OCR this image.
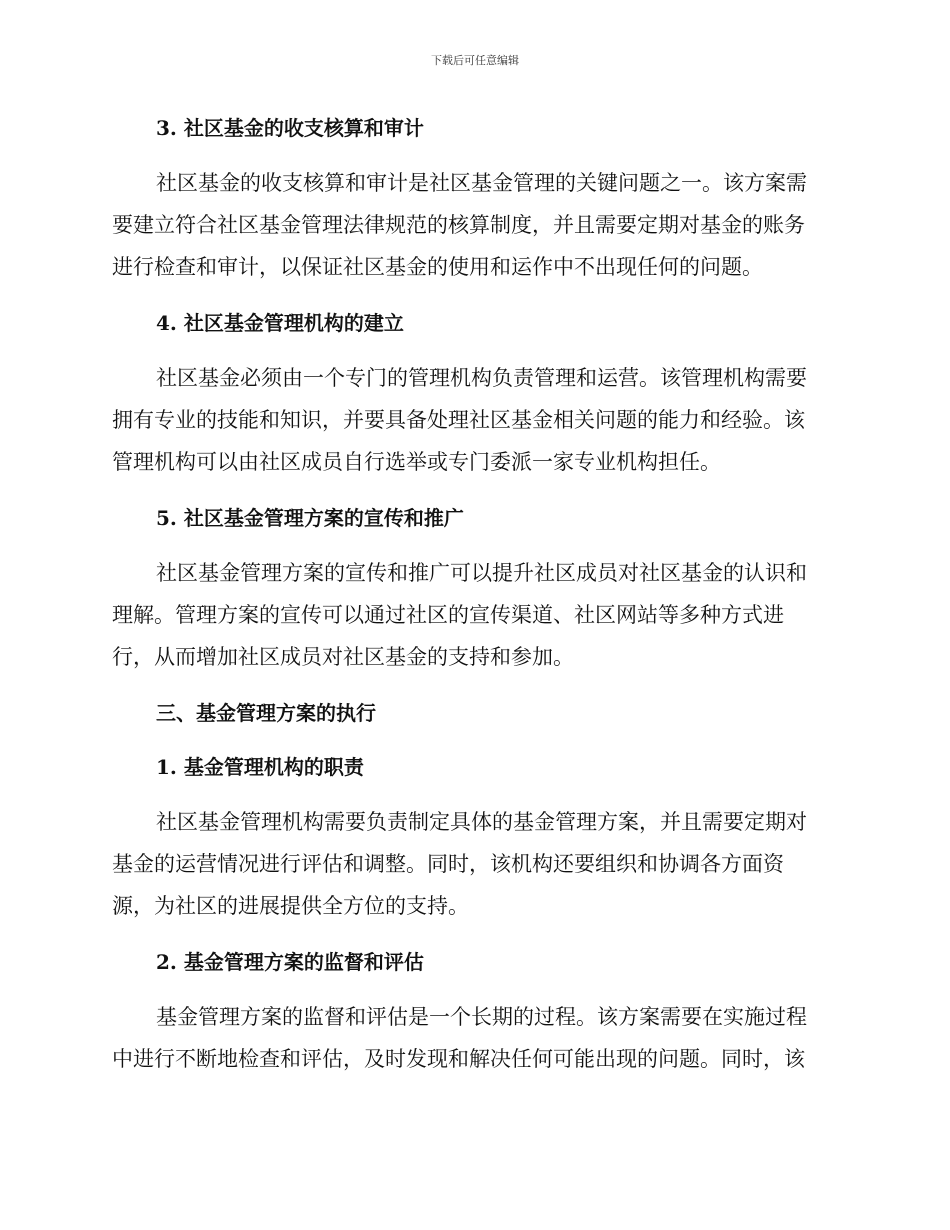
下载后可任意编辑
3. 社区基金的收支核算和审计

社区基金的收支核算和审计是社区基金管理的关键问题之一。该方案需
要建立符合社区基金管理法律规范的核算制度，并且需要定期对基金的账务
进行检查和审计，以保证社区基金的使用和运作中不出现任何的问题。

4. 社区基金管理机构的建立

社区基金必须由一个专门的管理机构负责管理和运营。该管理机构需要
拥有专业的技能和知识，并要具备处理社区基金相关问题的能力和经验。该
管理机构可以由社区成员自行选举或专门委派一家专业机构担任。

5. 社区基金管理方案的宣传和推广

社区基金管理方案的宣传和推广可以提升社区成员对社区基金的认识和
理解。管理方案的宣传可以通过社区的宣传渠道、社区网站等多种方式进
行，从而增加社区成员对社区基金的支持和参加。

三、基金管理方案的执行
1. 基金管理机构的职责

社区基金管理机构需要负责制定具体的基金管理方案，并且需要定期对
基金的运营情况进行评估和调整。同时，该机构还要组织和协调各方面资
源，为社区的进展提供全方位的支持。

2. 基金管理方案的监督和评估

基金管理方案的监督和评估是一个长期的过程。该方案需要在实施过程
中进行不断地检查和评估，及时发现和解决任何可能出现的问题。同时，该
